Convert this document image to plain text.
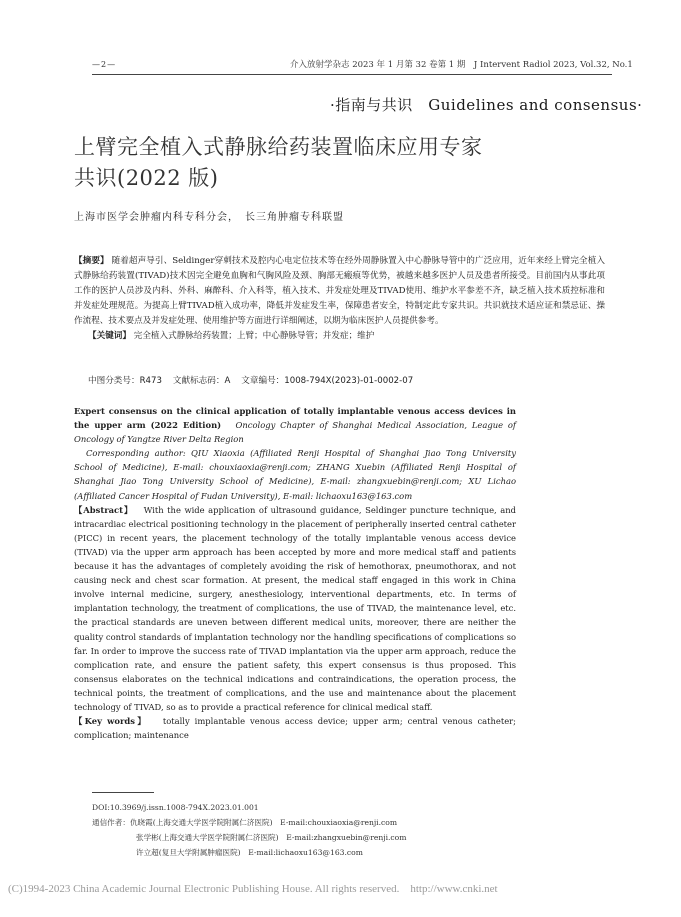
—2—	介入放射学杂志 2023 年 1 月第 32 卷第 1 期　J Intervent Radiol 2023, Vol.32, No.1
·指南与共识　Guidelines and consensus·
上臂完全植入式静脉给药装置临床应用专家
共识(2022 版)
上海市医学会肿瘤内科专科分会，　长三角肿瘤专科联盟
【摘要】 随着超声导引、Seldinger穿刺技术及腔内心电定位技术等在经外周静脉置入中心静脉导管中的广泛应用，近年来经上臂完全植入式静脉给药装置(TIVAD)技术因完全避免血胸和气胸风险及颈、胸部无瘢痕等优势，被越来越多医护人员及患者所接受。目前国内从事此项工作的医护人员涉及内科、外科、麻醉科、介入科等，植入技术、并发症处理及TIVAD使用、维护水平参差不齐，缺乏植入技术质控标准和并发症处理规范。为提高上臂TIVAD植入成功率，降低并发症发生率，保障患者安全，特制定此专家共识。共识就技术适应证和禁忌证、操作流程、技术要点及并发症处理、使用维护等方面进行详细阐述，以期为临床医护人员提供参考。
【关键词】 完全植入式静脉给药装置；上臂；中心静脉导管；并发症；维护
中图分类号：R473 文献标志码：A 文章编号：1008-794X(2023)-01-0002-07

Expert consensus on the clinical application of totally implantable venous access devices in the upper arm (2022 Edition) Oncology Chapter of Shanghai Medical Association, League of Oncology of Yangtze River Delta Region

Corresponding author: QIU Xiaoxia (Affiliated Renji Hospital of Shanghai Jiao Tong University School of Medicine), E-mail: chouxiaoxia@renji.com; ZHANG Xuebin (Affiliated Renji Hospital of Shanghai Jiao Tong University School of Medicine), E-mail: zhangxuebin@renji.com; XU Lichao (Affiliated Cancer Hospital of Fudan University), E-mail: lichaoxu163@163.com

【Abstract】 With the wide application of ultrasound guidance, Seldinger puncture technique, and intracardiac electrical positioning technology in the placement of peripherally inserted central catheter (PICC) in recent years, the placement technology of the totally implantable venous access device (TIVAD) via the upper arm approach has been accepted by more and more medical staff and patients because it has the advantages of completely avoiding the risk of hemothorax, pneumothorax, and not causing neck and chest scar formation. At present, the medical staff engaged in this work in China involve internal medicine, surgery, anesthesiology, interventional departments, etc. In terms of implantation technology, the treatment of complications, the use of TIVAD, the maintenance level, etc. the practical standards are uneven between different medical units, moreover, there are neither the quality control standards of implantation technology nor the handling specifications of complications so far. In order to improve the success rate of TIVAD implantation via the upper arm approach, reduce the complication rate, and ensure the patient safety, this expert consensus is thus proposed. This consensus elaborates on the technical indications and contraindications, the operation process, the technical points, the treatment of complications, and the use and maintenance about the placement technology of TIVAD, so as to provide a practical reference for clinical medical staff.

【Key words】 totally implantable venous access device; upper arm; central venous catheter; complication; maintenance

DOI:10.3969/j.issn.1008-794X.2023.01.001
通信作者：仇晓霞(上海交通大学医学院附属仁济医院)　E-mail:chouxiaoxia@renji.com
张学彬(上海交通大学医学院附属仁济医院)　E-mail:zhangxuebin@renji.com
许立超(复旦大学附属肿瘤医院)　E-mail:lichaoxu163@163.com
(C)1994-2023 China Academic Journal Electronic Publishing House. All rights reserved.　http://www.cnki.net
